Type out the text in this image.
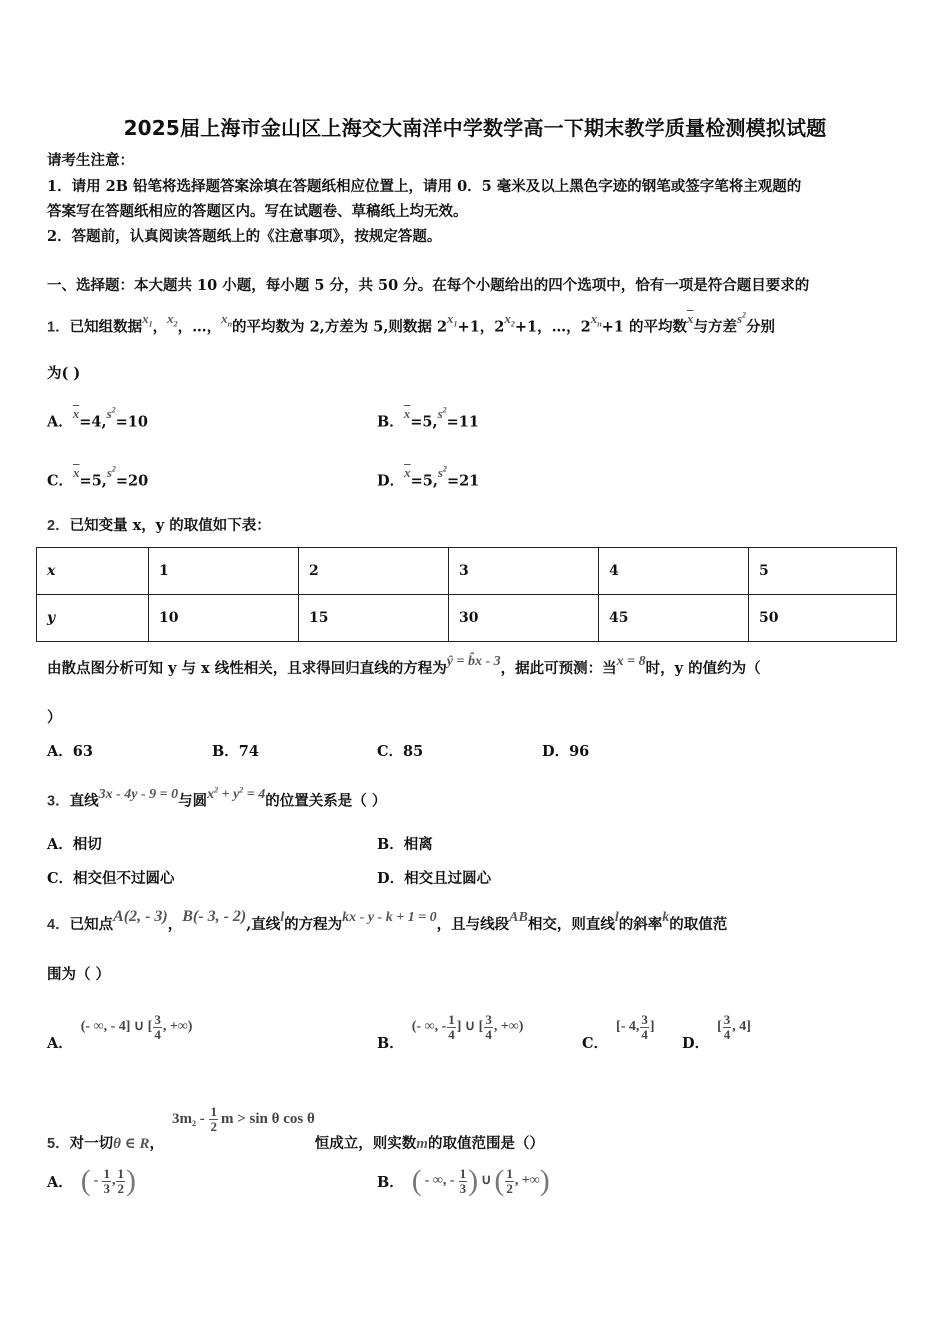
2025届上海市金山区上海交大南洋中学数学高一下期末教学质量检测模拟试题
请考生注意：
1．请用 2B 铅笔将选择题答案涂填在答题纸相应位置上，请用 0．5 毫米及以上黑色字迹的钢笔或签字笔将主观题的
答案写在答题纸相应的答题区内。写在试题卷、草稿纸上均无效。
2．答题前，认真阅读答题纸上的《注意事项》，按规定答题。
一、选择题：本大题共 10 小题，每小题 5 分，共 50 分。在每个小题给出的四个选项中，恰有一项是符合题目要求的
1．已知组数据$x_1$，$x_2$，…，$x_n$的平均数为 2,方差为 5,则数据 $2x_1+1$，$2x_2+1$，…，$2x_n+1$ 的平均数$\overline{x}$与方差$s^2$分别
为( )
A．$\overline{x}=4,s^2=10$	B．$\overline{x}=5,s^2=11$
C．$\overline{x}=5,s^2=20$	D．$\overline{x}=5,s^2=21$
2．已知变量 x，y 的取值如下表：
x	1	2	3	4	5
y	10	15	30	45	50
由散点图分析可知 y 与 x 线性相关，且求得回归直线的方程为ŷ = b̂x - 3，据此可预测：当x = 8时，y 的值约为（
）
A．63	B．74	C．85	D．96
3．直线3x - 4y - 9 = 0与圆$x^2 + y^2 = 4$的位置关系是（ ）
A．相切	B．相离
C．相交但不过圆心	D．相交且过圆心
4．已知点A(2, - 3)，B(- 3, - 2),直线l的方程为kx - y - k + 1 = 0，且与线段AB相交，则直线l的斜率k的取值范
围为（ ）
A．
(- ∞, - 4] ∪ [ $\frac{3}{4}$ , +∞)
B．
(- ∞, - $\frac{1}{4}$ ] ∪ [ $\frac{3}{4}$ , +∞)
C．
[- 4, $\frac{3}{4}$ ]
D．
[ $\frac{3}{4}$ , 4]
5．对一切θ ∈ R，
$3m_2$
-
$\frac{1}{2}$ m > sin θ cos θ
恒成立，则实数m的取值范围是（）
A． ( - $\frac{1}{3}$ , $\frac{1}{2}$ )	B． ( - ∞, - $\frac{1}{3}$ ) ∪ ( $\frac{1}{2}$ , +∞ )
